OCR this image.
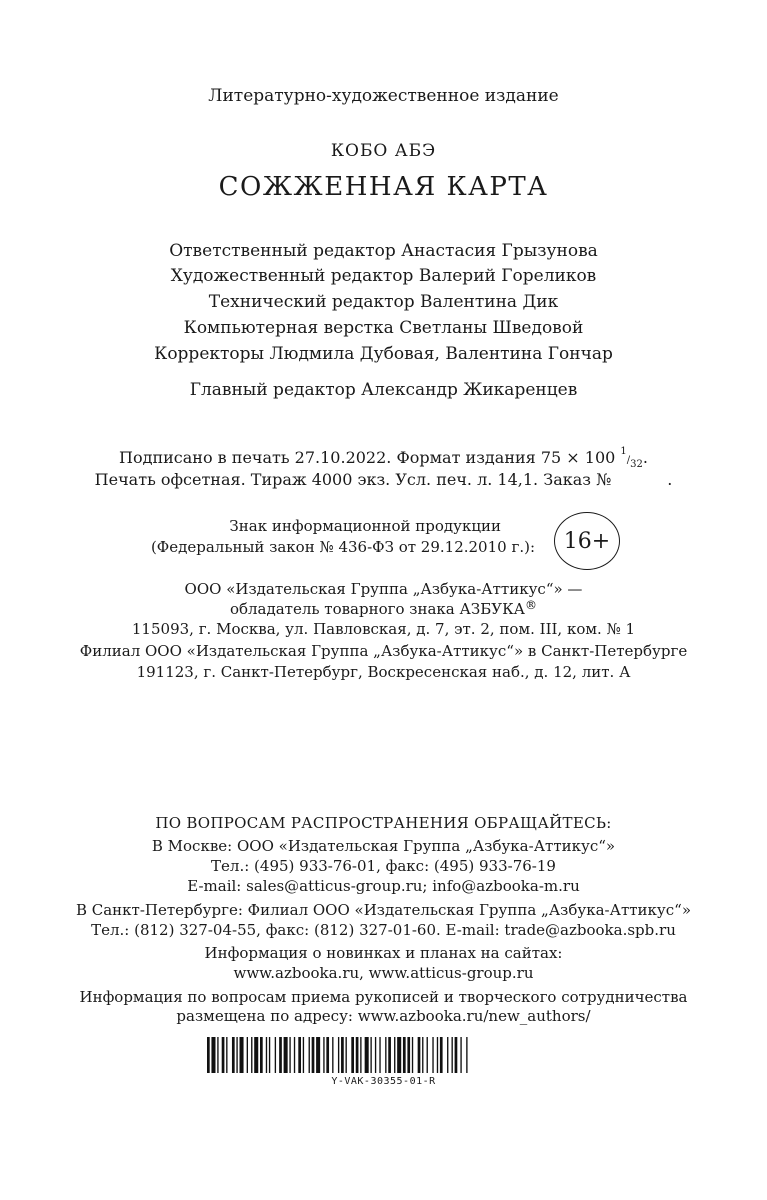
Литературно-художественное издание
КОБО АБЭ
СОЖЖЕННАЯ КАРТА
Ответственный редактор Анастасия Грызунова
Художественный редактор Валерий Гореликов
Технический редактор Валентина Дик
Компьютерная верстка Светланы Шведовой
Корректоры Людмила Дубовая, Валентина Гончар
Главный редактор Александр Жикаренцев
Подписано в печать 27.10.2022. Формат издания 75 × 100 $^1/_{32}$.
Печать офсетная. Тираж 4000 экз. Усл. печ. л. 14,1. Заказ №	.
Знак информационной продукции
(Федеральный закон № 436-ФЗ от 29.12.2010 г.):	16+
ООО «Издательская Группа „Азбука-Аттикус“» —
обладатель товарного знака АЗБУКА®
115093, г. Москва, ул. Павловская, д. 7, эт. 2, пом. III, ком. № 1
Филиал ООО «Издательская Группа „Азбука-Аттикус“» в Санкт-Петербурге
191123, г. Санкт-Петербург, Воскресенская наб., д. 12, лит. А
ПО ВОПРОСАМ РАСПРОСТРАНЕНИЯ ОБРАЩАЙТЕСЬ:
В Москве: ООО «Издательская Группа „Азбука-Аттикус“»
Тел.: (495) 933-76-01, факс: (495) 933-76-19
E-mail: sales@atticus-group.ru; info@azbooka-m.ru
В Санкт-Петербурге: Филиал ООО «Издательская Группа „Азбука-Аттикус“»
Тел.: (812) 327-04-55, факс: (812) 327-01-60. E-mail: trade@azbooka.spb.ru
Информация о новинках и планах на сайтах:
www.azbooka.ru, www.atticus-group.ru
Информация по вопросам приема рукописей и творческого сотрудничества
размещена по адресу: www.azbooka.ru/new_authors/
Y-VAK-30355-01-R
